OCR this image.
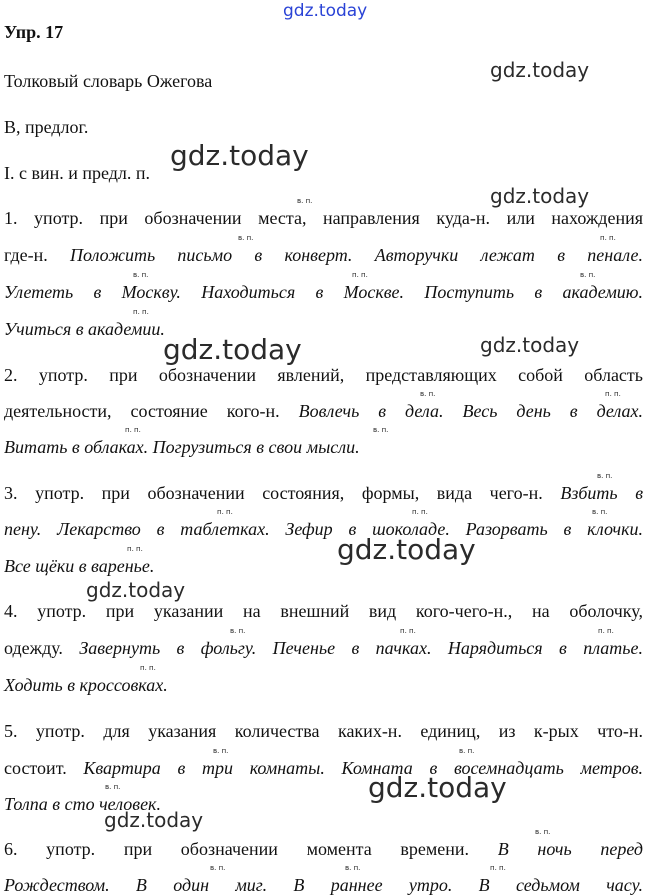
Упр. 17
Толковый словарь Ожегова
В, предлог.
I. с вин. и предл. п.
1. употр. при обозначении места, направления куда-н. или нахождения
где-н. Положить письмо в конверт. Авторучки лежат в пенале.
Улететь в Москву. Находиться в Москве. Поступить в академию.
Учиться в академии.
2. употр. при обозначении явлений, представляющих собой область
деятельности, состояние кого-н. Вовлечь в дела. Весь день в делах.
Витать в облаках. Погрузиться в свои мысли.
3. употр. при обозначении состояния, формы, вида чего-н. Взбить в
пену. Лекарство в таблетках. Зефир в шоколаде. Разорвать в клочки.
Все щёки в варенье.
4. употр. при указании на внешний вид кого-чего-н., на оболочку,
одежду. Завернуть в фольгу. Печенье в пачках. Нарядиться в платье.
Ходить в кроссовках.
5. употр. для указания количества каких-н. единиц, из к-рых что-н.
состоит. Квартира в три комнаты. Комната в восемнадцать метров.
Толпа в сто человек.
6. употр. при обозначении момента времени. В ночь перед
Рождеством. В один миг. В раннее утро. В седьмом часу.
в. п.
в. п.	п. п.
в. п.	п. п.	в. п.
п. п.
в. п.	п. п.
п. п.	в. п.
в. п.
п. п.	п. п.	в. п.
п. п.
в. п.	п. п.	п. п.
п. п.
в. п.	в. п.
в. п.
в. п.
в. п.	в. п.	п. п.
gdz.today
gdz.today
gdz.today
gdz.today
gdz.today	gdz.today
gdz.today
gdz.today
gdz.today
gdz.today
